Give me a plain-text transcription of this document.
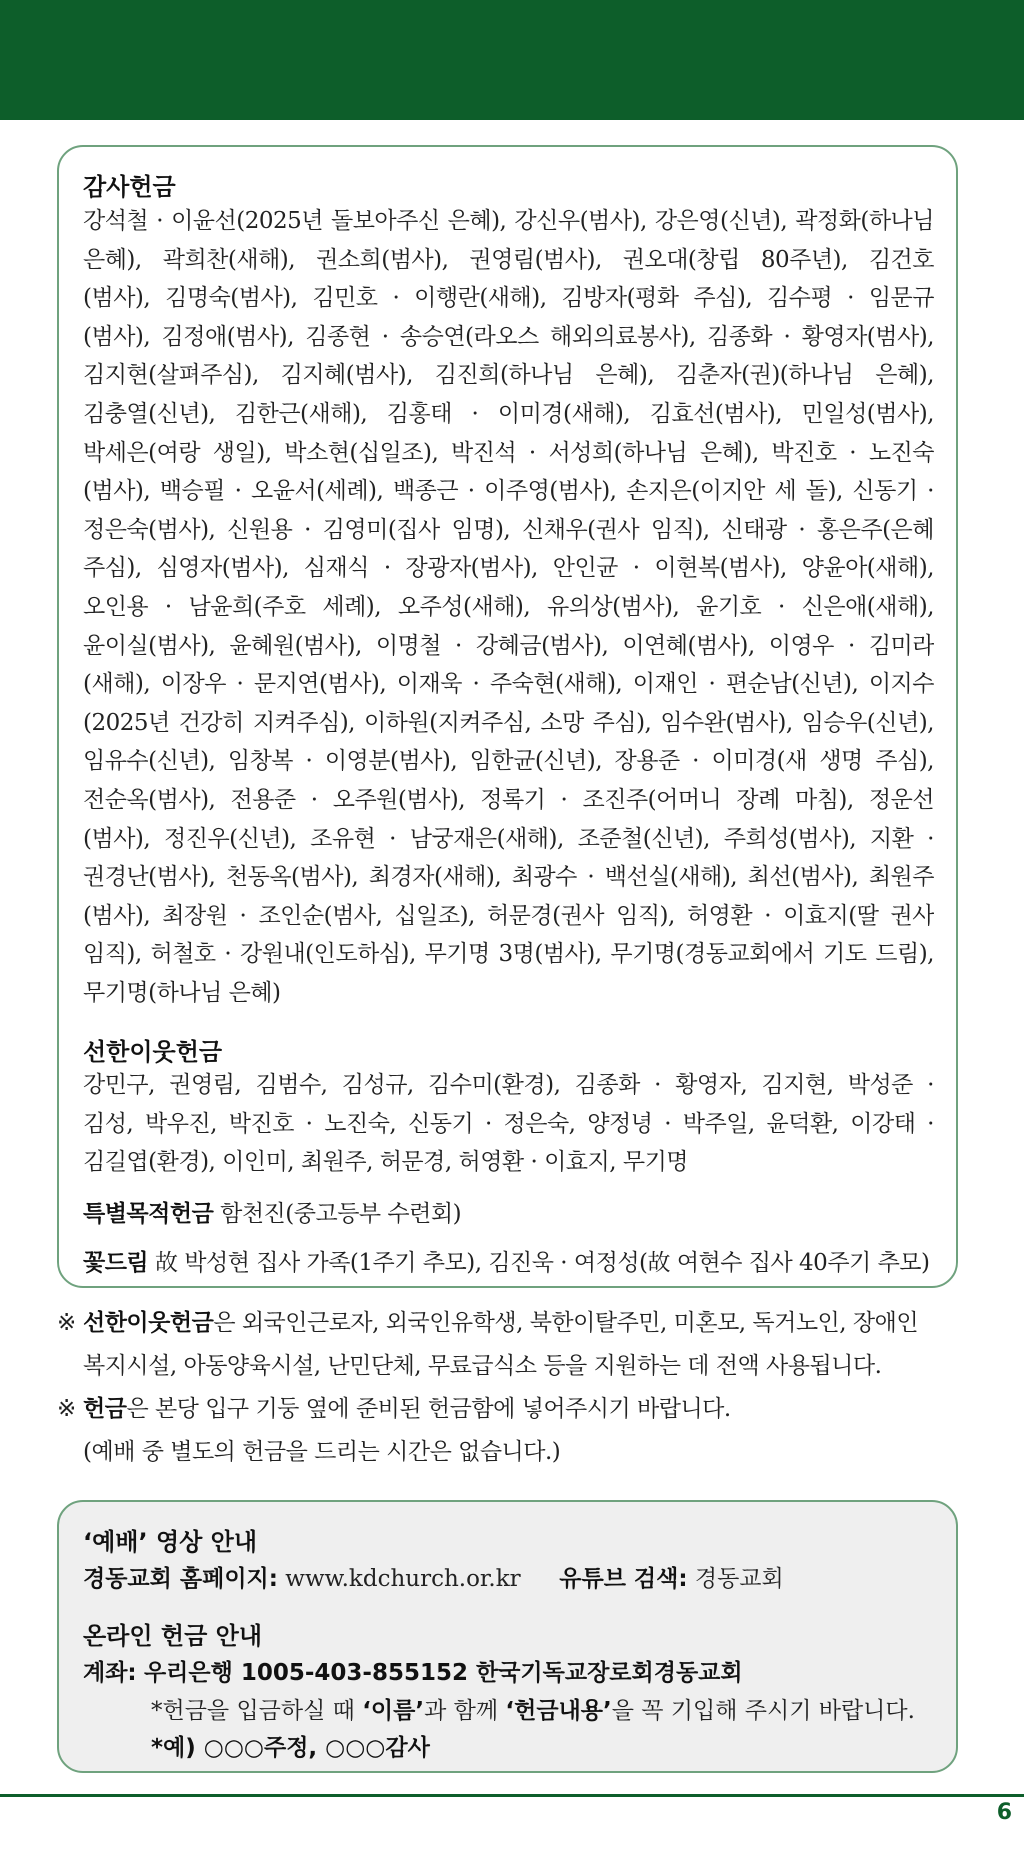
감사헌금
강석철 · 이윤선(2025년 돌보아주신 은혜), 강신우(범사), 강은영(신년), 곽정화(하나님
은혜), 곽희찬(새해), 권소희(범사), 권영림(범사), 권오대(창립 80주년), 김건호
(범사), 김명숙(범사), 김민호 · 이행란(새해), 김방자(평화 주심), 김수평 · 임문규
(범사), 김정애(범사), 김종현 · 송승연(라오스 해외의료봉사), 김종화 · 황영자(범사),
김지현(살펴주심), 김지혜(범사), 김진희(하나님 은혜), 김춘자(권)(하나님 은혜),
김충열(신년), 김한근(새해), 김홍태 · 이미경(새해), 김효선(범사), 민일성(범사),
박세은(여랑 생일), 박소현(십일조), 박진석 · 서성희(하나님 은혜), 박진호 · 노진숙
(범사), 백승필 · 오윤서(세례), 백종근 · 이주영(범사), 손지은(이지안 세 돌), 신동기 ·
정은숙(범사), 신원용 · 김영미(집사 임명), 신채우(권사 임직), 신태광 · 홍은주(은혜
주심), 심영자(범사), 심재식 · 장광자(범사), 안인균 · 이현복(범사), 양윤아(새해),
오인용 · 남윤희(주호 세례), 오주성(새해), 유의상(범사), 윤기호 · 신은애(새해),
윤이실(범사), 윤혜원(범사), 이명철 · 강혜금(범사), 이연혜(범사), 이영우 · 김미라
(새해), 이장우 · 문지연(범사), 이재욱 · 주숙현(새해), 이재인 · 편순남(신년), 이지수
(2025년 건강히 지켜주심), 이하원(지켜주심, 소망 주심), 임수완(범사), 임승우(신년),
임유수(신년), 임창복 · 이영분(범사), 임한균(신년), 장용준 · 이미경(새 생명 주심),
전순옥(범사), 전용준 · 오주원(범사), 정록기 · 조진주(어머니 장례 마침), 정운선
(범사), 정진우(신년), 조유현 · 남궁재은(새해), 조준철(신년), 주희성(범사), 지환 ·
권경난(범사), 천동옥(범사), 최경자(새해), 최광수 · 백선실(새해), 최선(범사), 최원주
(범사), 최장원 · 조인순(범사, 십일조), 허문경(권사 임직), 허영환 · 이효지(딸 권사
임직), 허철호 · 강원내(인도하심), 무기명 3명(범사), 무기명(경동교회에서 기도 드림),
무기명(하나님 은혜)
선한이웃헌금
강민구, 권영림, 김범수, 김성규, 김수미(환경), 김종화 · 황영자, 김지현, 박성준 ·
김성, 박우진, 박진호 · 노진숙, 신동기 · 정은숙, 양정녕 · 박주일, 윤덕환, 이강태 ·
김길엽(환경), 이인미, 최원주, 허문경, 허영환 · 이효지, 무기명
특별목적헌금 함천진(중고등부 수련회)
꽃드림 故 박성현 집사 가족(1주기 추모), 김진욱 · 여정성(故 여현수 집사 40주기 추모)
※ 선한이웃헌금은 외국인근로자, 외국인유학생, 북한이탈주민, 미혼모, 독거노인, 장애인
복지시설, 아동양육시설, 난민단체, 무료급식소 등을 지원하는 데 전액 사용됩니다.
※ 헌금은 본당 입구 기둥 옆에 준비된 헌금함에 넣어주시기 바랍니다.
(예배 중 별도의 헌금을 드리는 시간은 없습니다.)
‘예배’ 영상 안내
경동교회 홈페이지: www.kdchurch.or.kr 유튜브 검색: 경동교회
온라인 헌금 안내
계좌: 우리은행 1005-403-855152 한국기독교장로회경동교회
*헌금을 입금하실 때 ‘이름’과 함께 ‘헌금내용’을 꼭 기입해 주시기 바랍니다.
*예) ○○○주정, ○○○감사
6
